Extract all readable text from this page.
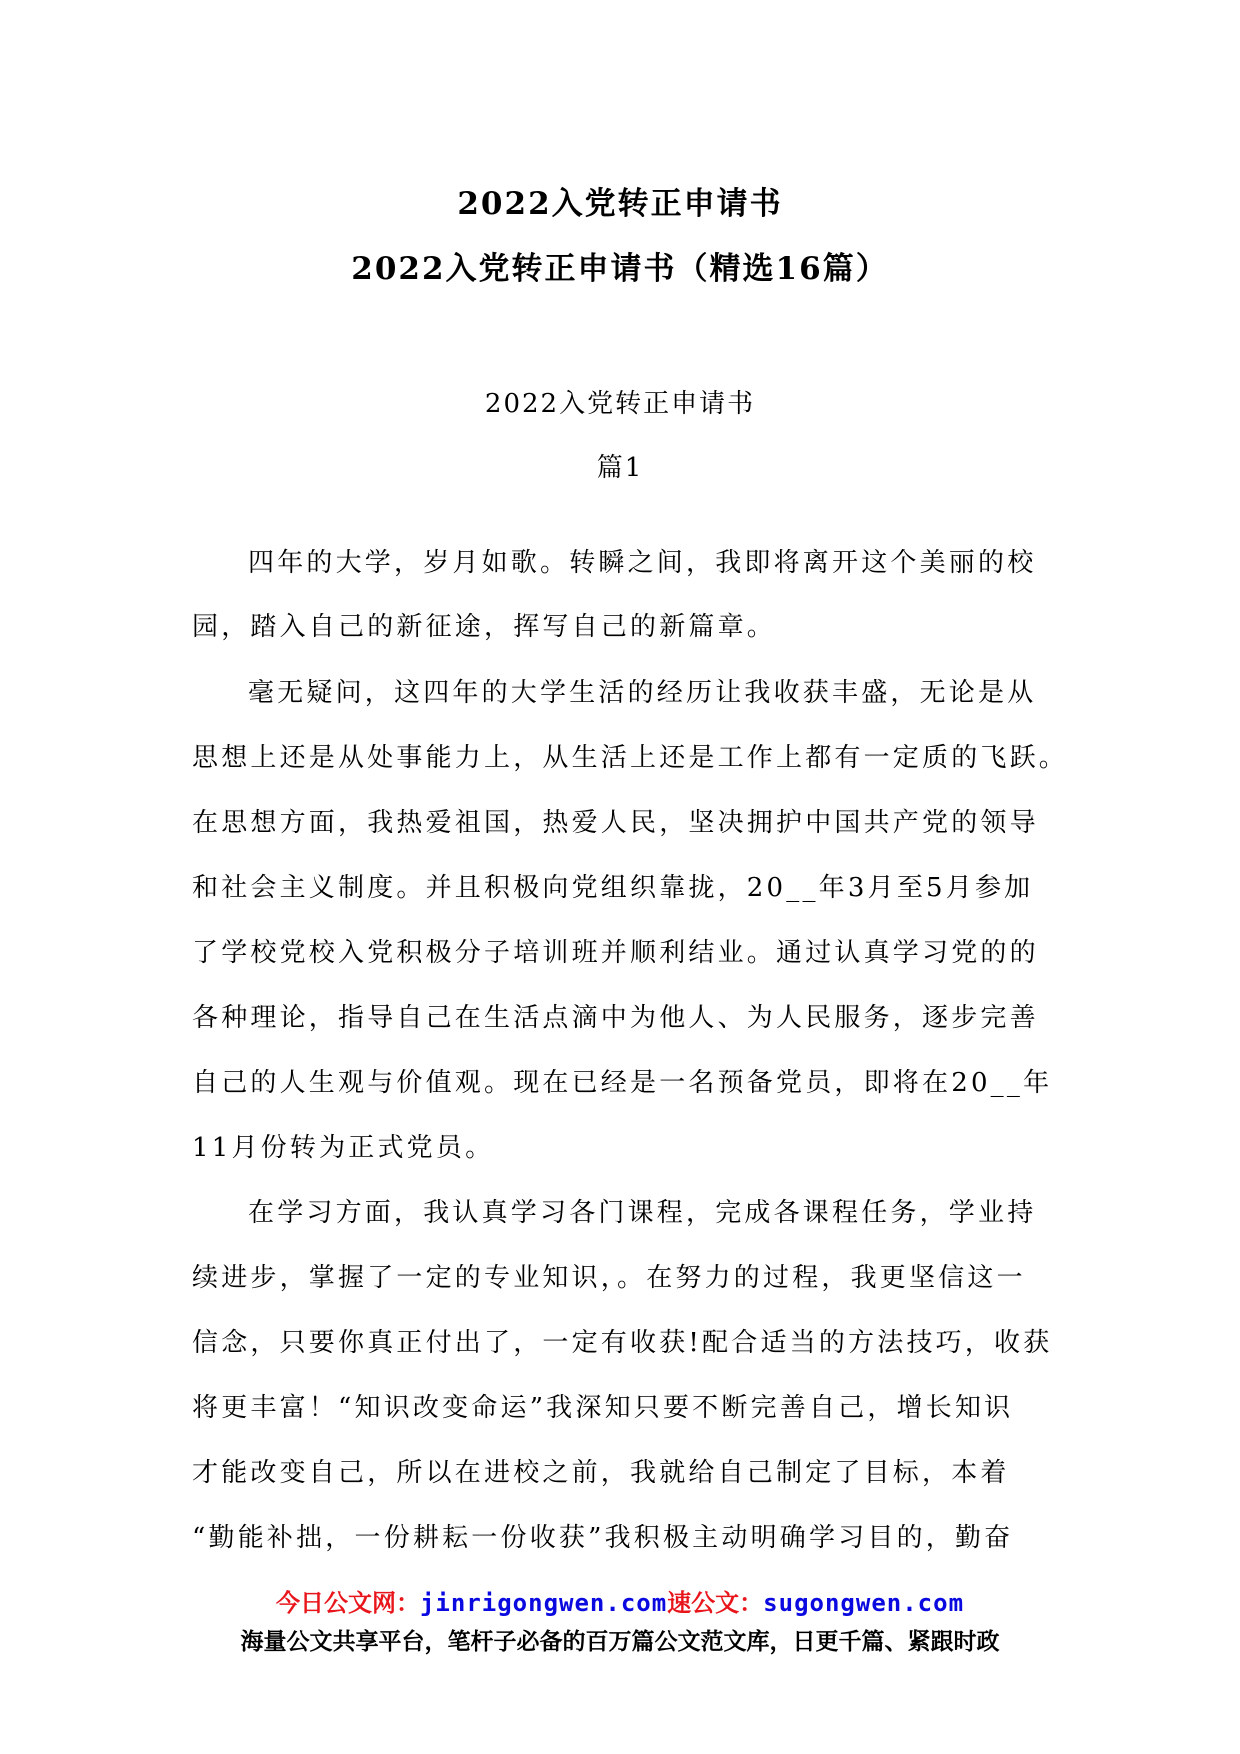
2022入党转正申请书
2022入党转正申请书（精选16篇）
2022入党转正申请书
篇1
四年的大学，岁月如歌。转瞬之间，我即将离开这个美丽的校
园，踏入自己的新征途，挥写自己的新篇章。
毫无疑问，这四年的大学生活的经历让我收获丰盛，无论是从
思想上还是从处事能力上，从生活上还是工作上都有一定质的飞跃。
在思想方面，我热爱祖国，热爱人民，坚决拥护中国共产党的领导
和社会主义制度。并且积极向党组织靠拢，20__年3月至5月参加
了学校党校入党积极分子培训班并顺利结业。通过认真学习党的的
各种理论，指导自己在生活点滴中为他人、为人民服务，逐步完善
自己的人生观与价值观。现在已经是一名预备党员，即将在20__年
11月份转为正式党员。
在学习方面，我认真学习各门课程，完成各课程任务，学业持
续进步，掌握了一定的专业知识，。在努力的过程，我更坚信这一
信念，只要你真正付出了，一定有收获!配合适当的方法技巧，收获
将更丰富！“知识改变命运”我深知只要不断完善自己，增长知识
才能改变自己，所以在进校之前，我就给自己制定了目标，本着
“勤能补拙，一份耕耘一份收获”我积极主动明确学习目的，勤奋
今日公文网：jinrigongwen.com速公文：sugongwen.com
海量公文共享平台，笔杆子必备的百万篇公文范文库，日更千篇、紧跟时政
